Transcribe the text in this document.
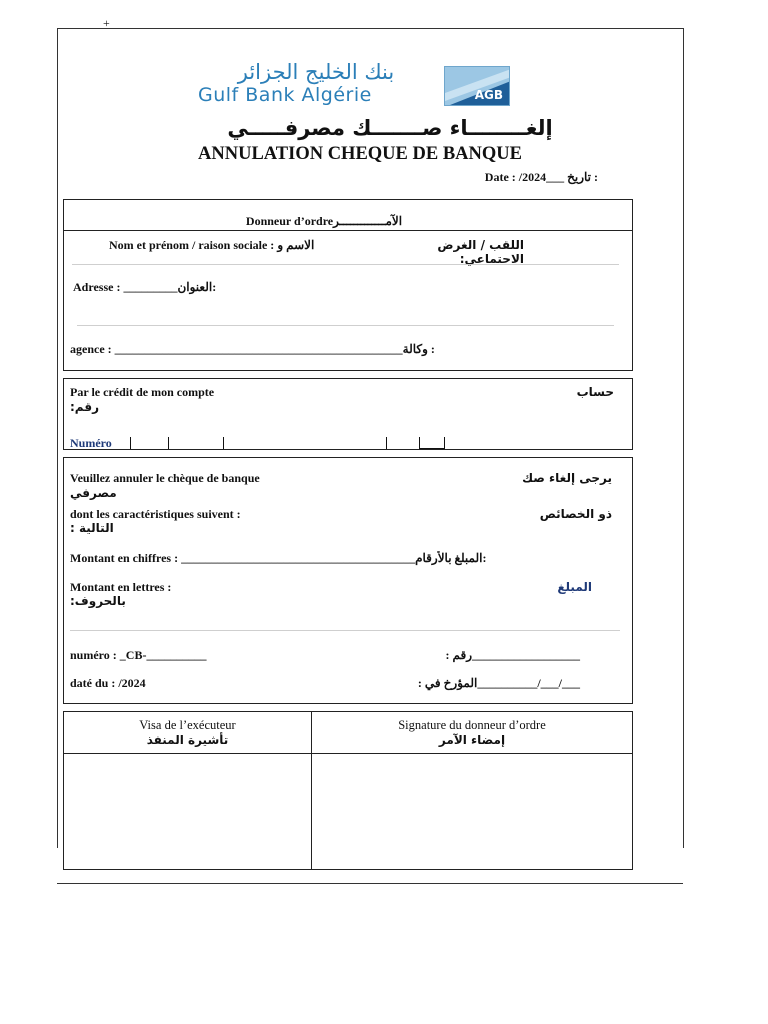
+
بنك الخليج الجزائر
Gulf Bank Algérie	AGB
إلغــــــــاء صـــــــك مصرفـــــي
ANNULATION CHEQUE DE BANQUE
Date : /2024___ تاريخ :
Donneur d’ordreالآمـــــــــــــر
Nom et prénom / raison sociale : الاسم و	اللقب / الغرض الاجتماعي:
Adresse : _________العنوان:
agence : ________________________________________________وكالة :
Par le crédit de mon compte	حساب
رقم:
Numéro
Veuillez annuler le chèque de banque	يرجى إلغاء صك
مصرفي
dont les caractéristiques suivent :	ذو الخصائص
التالية :
Montant en chiffres : _______________________________________المبلغ بالأرقام:
Montant en lettres :	المبلغ
بالحروف:
numéro : _CB-__________	__________________رقم :
daté du : /2024	___/___/__________المؤرخ في :
Visa de l’exécuteur
تأشيرة المنفذ
Signature du donneur d’ordre
إمضاء الآمر
